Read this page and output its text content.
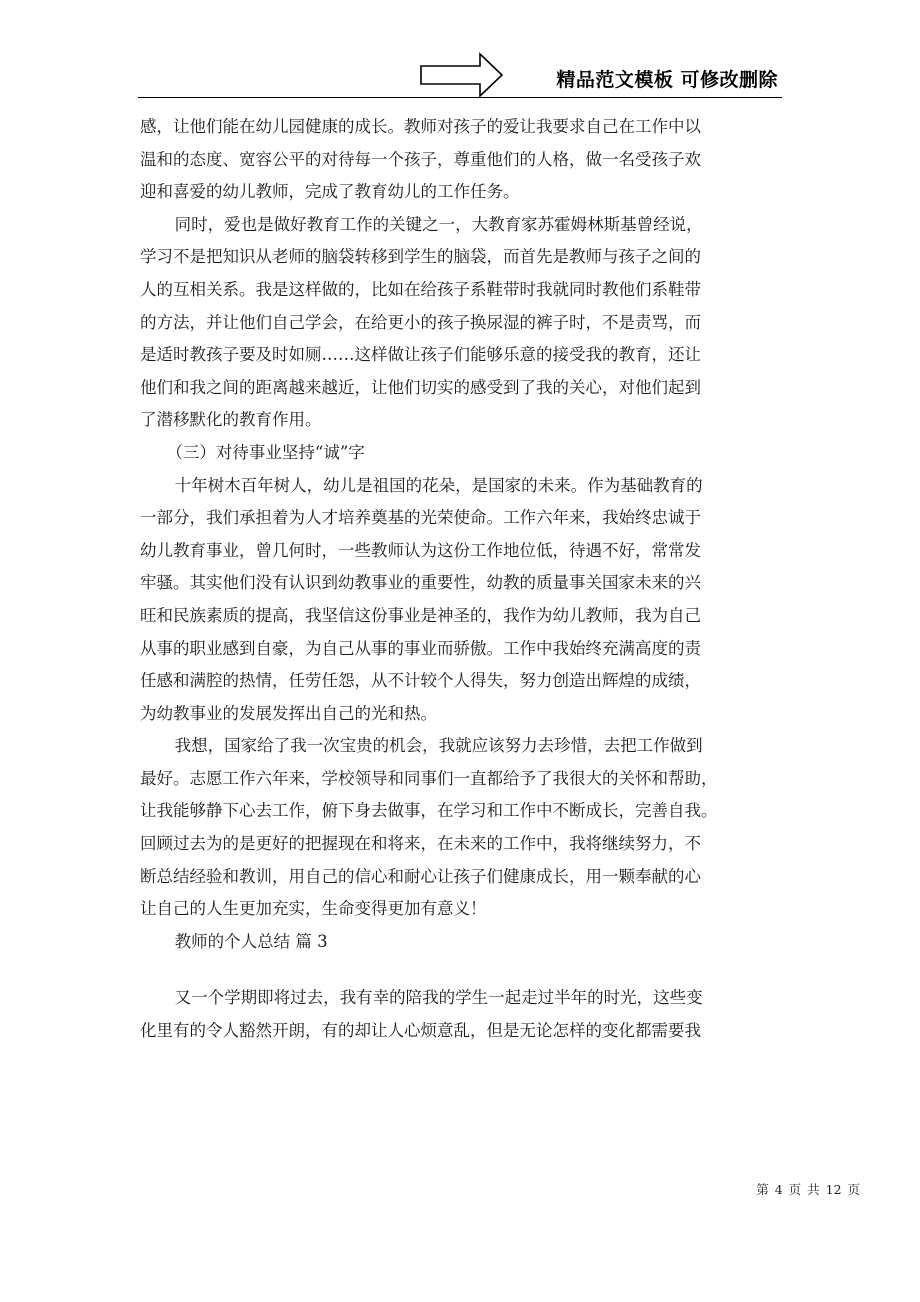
精品范文模板 可修改删除

感，让他们能在幼儿园健康的成长。教师对孩子的爱让我要求自己在工作中以
温和的态度、宽容公平的对待每一个孩子，尊重他们的人格，做一名受孩子欢
迎和喜爱的幼儿教师，完成了教育幼儿的工作任务。

同时，爱也是做好教育工作的关键之一，大教育家苏霍姆林斯基曾经说，
学习不是把知识从老师的脑袋转移到学生的脑袋，而首先是教师与孩子之间的
人的互相关系。我是这样做的，比如在给孩子系鞋带时我就同时教他们系鞋带
的方法，并让他们自己学会，在给更小的孩子换尿湿的裤子时，不是责骂，而
是适时教孩子要及时如厕……这样做让孩子们能够乐意的接受我的教育，还让
他们和我之间的距离越来越近，让他们切实的感受到了我的关心，对他们起到
了潜移默化的教育作用。

（三）对待事业坚持“诚”字

十年树木百年树人，幼儿是祖国的花朵，是国家的未来。作为基础教育的
一部分，我们承担着为人才培养奠基的光荣使命。工作六年来，我始终忠诚于
幼儿教育事业，曾几何时，一些教师认为这份工作地位低，待遇不好，常常发
牢骚。其实他们没有认识到幼教事业的重要性，幼教的质量事关国家未来的兴
旺和民族素质的提高，我坚信这份事业是神圣的，我作为幼儿教师，我为自己
从事的职业感到自豪，为自己从事的事业而骄傲。工作中我始终充满高度的责
任感和满腔的热情，任劳任怨，从不计较个人得失，努力创造出辉煌的成绩，
为幼教事业的发展发挥出自己的光和热。

我想，国家给了我一次宝贵的机会，我就应该努力去珍惜，去把工作做到
最好。志愿工作六年来，学校领导和同事们一直都给予了我很大的关怀和帮助，
让我能够静下心去工作，俯下身去做事，在学习和工作中不断成长，完善自我。
回顾过去为的是更好的把握现在和将来，在未来的工作中，我将继续努力，不
断总结经验和教训，用自己的信心和耐心让孩子们健康成长，用一颗奉献的心
让自己的人生更加充实，生命变得更加有意义！

教师的个人总结 篇 3

又一个学期即将过去，我有幸的陪我的学生一起走过半年的时光，这些变
化里有的令人豁然开朗，有的却让人心烦意乱，但是无论怎样的变化都需要我

第 4 页 共 12 页
